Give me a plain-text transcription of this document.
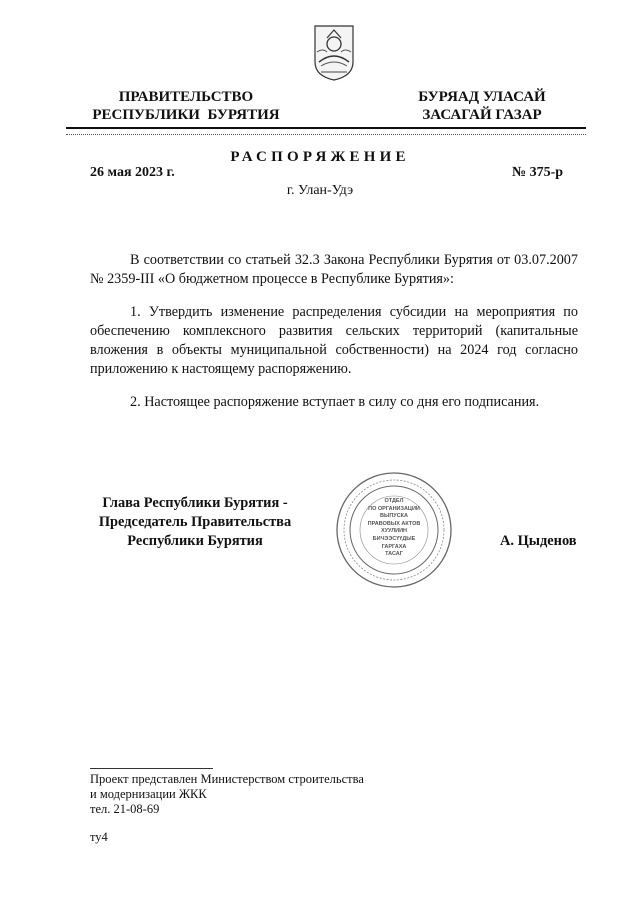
ПРАВИТЕЛЬСТВО
РЕСПУБЛИКИ  БУРЯТИЯ
БУРЯАД УЛАСАЙ
ЗАСАГАЙ ГАЗАР
РАСПОРЯЖЕНИЕ
26 мая 2023 г.	№ 375-р
г. Улан-Удэ
В соответствии со статьей 32.3 Закона Республики Бурятия от 03.07.2007 № 2359-III «О бюджетном процессе в Республике Бурятия»:
1. Утвердить изменение распределения субсидии на мероприятия по обеспечению комплексного развития сельских территорий (капитальные вложения в объекты муниципальной собственности) на 2024 год согласно приложению к настоящему распоряжению.
2. Настоящее распоряжение вступает в силу со дня его подписания.
Глава Республики Бурятия -
Председатель Правительства
Республики Бурятия	А. Цыденов
ОТДЕЛ
ПО ОРГАНИЗАЦИИ
ВЫПУСКА
ПРАВОВЫХ АКТОВ
ХУУЛИИН
БИЧЭЭСҮҮДЫЕ ГАРГАХА
ТАСАГ
Проект представлен Министерством строительства
и модернизации ЖКК
тел. 21-08-69
ту4
